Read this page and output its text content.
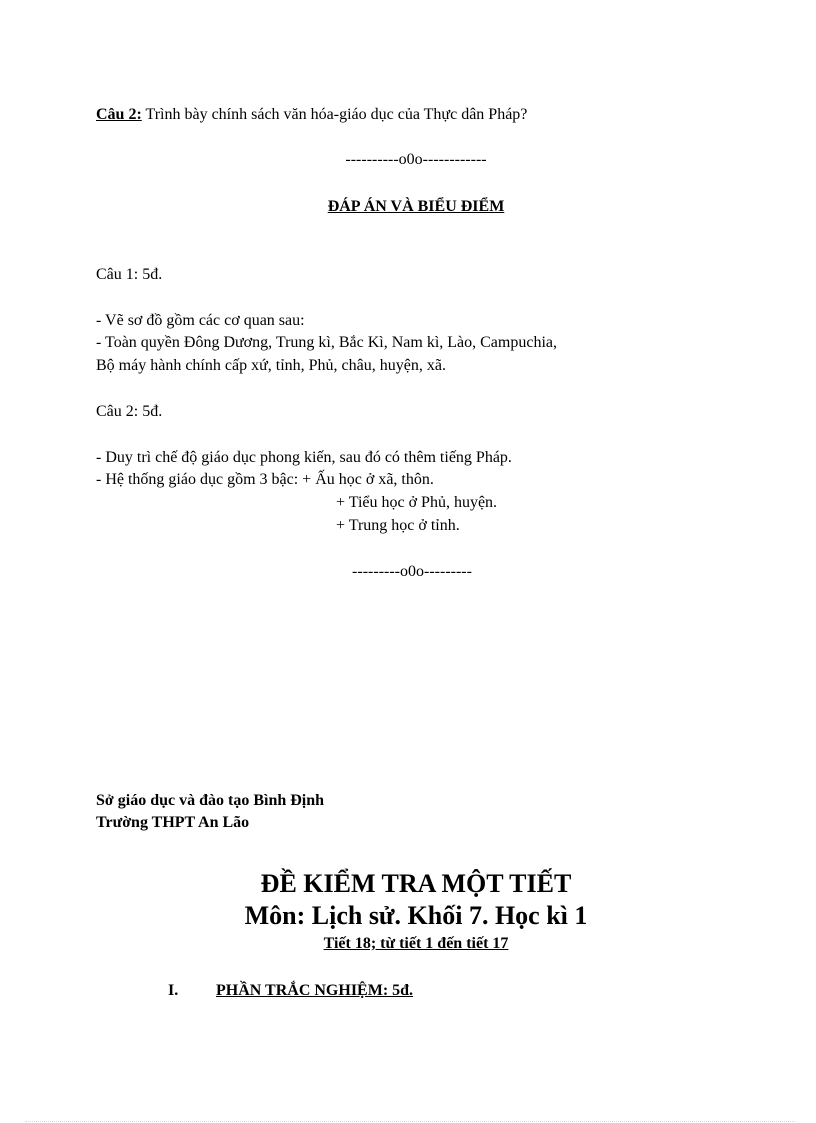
Câu 2: Trình bày chính sách văn hóa-giáo dục của Thực dân Pháp?
----------o0o------------
ĐÁP ÁN VÀ BIỂU ĐIỂM
Câu 1: 5đ.
- Vẽ sơ đồ gồm các cơ quan sau:
- Toàn quyền Đông Dương, Trung kì, Bắc Kì, Nam kì, Lào, Campuchia,
Bộ máy hành chính cấp xứ, tỉnh, Phủ, châu, huyện, xã.
Câu 2: 5đ.
- Duy trì chế độ giáo dục phong kiến, sau đó có thêm tiếng Pháp.
- Hệ thống giáo dục gồm 3 bậc: + Ấu học ở xã, thôn.
+ Tiểu học ở Phủ, huyện.
+ Trung học ở tỉnh.
---------o0o---------
Sở giáo dục và đào tạo Bình Định
Trường THPT An Lão
ĐỀ KIỂM TRA MỘT TIẾT
Môn: Lịch sử. Khối 7. Học kì 1
Tiết 18; từ tiết 1 đến tiết 17
I. PHẦN TRẮC NGHIỆM: 5đ.
